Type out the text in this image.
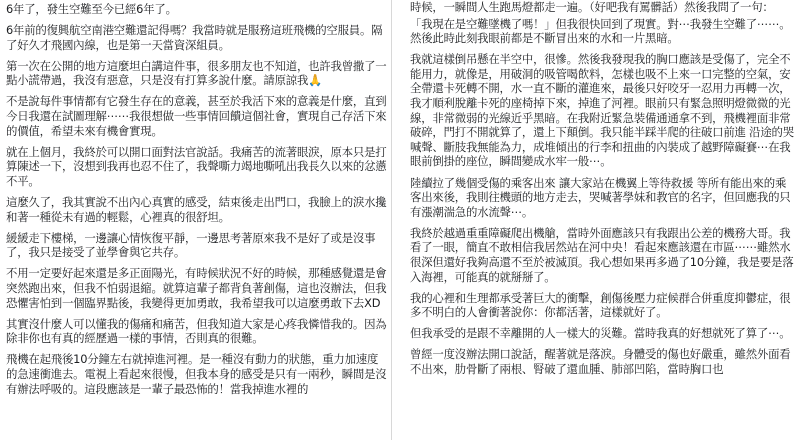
6年了，發生空難至今已經6年了。

6年前的復興航空南港空難還記得嗎？我當時就是服務這班飛機的空服員。隔了好久才飛國內線，也是第一天當資深組員。

第一次在公開的地方這麼坦白講這件事，很多朋友也不知道，也許我曾撒了一點小謊帶過，我沒有惡意，只是沒有打算多說什麼。請原諒我🙏

不是說每件事情都有它發生存在的意義，甚至於我活下來的意義是什麼，直到今日我還在試圖理解⋯⋯我很想做一些事情回饋這個社會，實現自己存活下來的價值，希望未來有機會實現。

就在上個月，我終於可以開口面對法官說話。我痛苦的流著眼淚，原本只是打算陳述一下，沒想到我再也忍不住了，我聲嘶力竭地嘶吼出我長久以來的忿懣不平。

這麼久了，我其實說不出內心真實的感受，結束後走出門口，我臉上的淚水攙和著一種從未有過的輕鬆，心裡真的很舒坦。

緩緩走下樓梯，一邊讓心情恢復平靜，一邊思考著原來我不是好了或是沒事了，我只是接受了並學會與它共存。

不用一定要好起來還是多正面陽光，有時候狀況不好的時候，那種感覺還是會突然跑出來，但我不怕弱退縮。就算這輩子都背負著創傷，這也沒辦法，但我恐懼害怕到一個臨界點後，我變得更加勇敢，我希望我可以這麼勇敢下去XD

其實沒什麼人可以懂我的傷痛和痛苦，但我知道大家是心疼我憐惜我的。因為除非你也有真的經歷過一樣的事情，否則真的很難。

飛機在起飛後10分鐘左右就掉進河裡。是一種沒有動力的狀態，重力加速度的急速衝進去。電視上看起來很慢，但我本身的感受是只有一兩秒，瞬間是沒有辦法呼吸的。這段應該是一輩子最恐怖的！當我掉進水裡的

時候，一瞬間人生跑馬燈都走一遍。（好吧我有罵髒話）然後我問了一句：

「我現在是空難墜機了嗎！」但我很快回到了現實。對⋯我發生空難了⋯⋯。然後此時此刻我眼前都是不斷冒出來的水和一片黑暗。

我就這樣倒吊懸在半空中，很慘。然後我發現我的胸口應該是受傷了，完全不能用力，就像是，用破洞的吸管喝飲料，怎樣也吸不上來一口完整的空氣，安全帶還卡死轉不開，水一直不斷的灌進來，最後只好咬牙一忍用力再轉一次，我才順利脫離卡死的座椅掉下來，掉進了河裡。眼前只有緊急照明燈微微的光線，非常微弱的光線近乎黑暗。在我附近緊急裝備通通拿不到，飛機裡面非常破碎，門打不開就算了，還上下顛倒。我只能半踩半爬的往破口前進 沿途的哭喊聲、斷肢我無能為力，成堆傾出的行李和扭曲的內裝成了越野障礙賽⋯在我眼前倒掛的座位，瞬間變成水牢一般⋯。

陸續拉了幾個受傷的乘客出來 讓大家站在機翼上等待救援 等所有能出來的乘客出來後，我則往機頭的地方走去，哭喊著學妹和教官的名字，但回應我的只有漲潮湍急的水流聲⋯。

我終於越過重重障礙爬出機艙，當時外面應該只有我跟出公差的機務大哥。我看了一眼，簡直不敢相信我居然站在河中央！看起來應該還在市區⋯⋯雖然水很深但還好我夠高還不至於被滅頂。我心想如果再多過了10分鐘，我是要是落入海裡，可能真的就掰掰了。

我的心裡和生理都承受著巨大的衝擊，創傷後壓力症候群合併重度抑鬱症，很多不明白的人會衝著說你：你都活著，這樣就好了。

但我承受的是跟不幸離開的人一樣大的災難。當時我真的好想就死了算了⋯。

曾經一度沒辦法開口說話，醒著就是落淚。身體受的傷也好嚴重，雖然外面看不出來，肋骨斷了兩根、腎破了還血腫、肺部凹陷，當時胸口也
